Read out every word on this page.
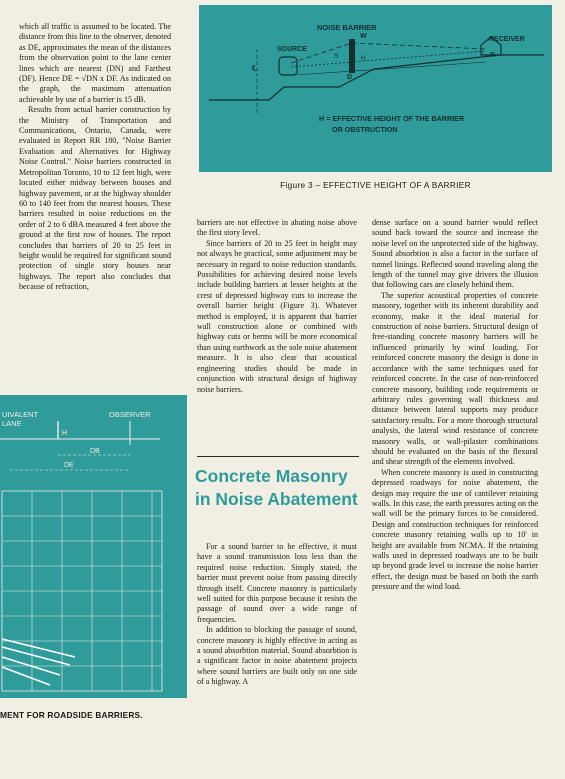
which all traffic is assumed to be located. The distance from this line to the observer, denoted as DE, approximates the mean of the distances from the observation point to the lane center lines which are nearest (DN) and Farthest (DF). Hence DE = √DN x DF. As indicated on the graph, the maximum attenuation achievable by use of a barrier is 15 dB.

Results from actual barrier construction by the Ministry of Transportation and Communications, Ontario, Canada, were evaluated in Report RR 180, "Noise Barrier Evaluation and Alternatives for Highway Noise Control." Noise barriers constructed in Metropolitan Toronto, 10 to 12 feet high, were located either midway between houses and highway pavement, or at the highway shoulder 60 to 140 feet from the nearest houses. These barriers resulted in noise reductions on the order of 2 to 6 dBA measured 4 feet above the ground at the first row of houses. The report concludes that barriers of 20 to 25 feet in height would be required for significant sound protection of single story houses near highways. The report also concludes that because of refraction,

NOISE BARRIER
SOURCE
RECEIVER
℄
W
H	R
S
D
H = EFFECTIVE HEIGHT OF THE BARRIER
OR OBSTRUCTION
Figure 3 – EFFECTIVE HEIGHT OF A BARRIER
UIVALENT
LANE
OBSERVER
H
DB
DE
MENT FOR ROADSIDE BARRIERS.

barriers are not effective in abating noise above the first story level.

Since barriers of 20 to 25 feet in height may not always be practical, some adjustment may be necessary in regard to noise reduction standards. Possibilities for achieving desired noise levels include building barriers at lesser heights at the crest of depressed highway cuts to increase the overall barrier height (Figure 3). Whatever method is employed, it is apparent that barrier wall construction alone or combined with highway cuts or berms will be more economical than using earthwork as the sole noise abatement measure. It is also clear that acoustical engineering studies should be made in conjunction with structural design of highway noise barriers.

Concrete Masonry in Noise Abatement

For a sound barrier to be effective, it must have a sound transmission loss less than the required noise reduction. Simply stated, the barrier must prevent noise from passing directly through itself. Concrete masonry is particularly well suited for this purpose because it resists the passage of sound over a wide range of frequencies.

In addition to blocking the passage of sound, concrete masonry is highly effective in acting as a sound absorbtion material. Sound absorbtion is a significant factor in noise abatement projects where sound barriers are built only on one side of a highway. A

dense surface on a sound barrier would reflect sound back toward the source and increase the noise level on the unprotected side of the highway. Sound absorbtion is also a factor in the surface of tunnel linings. Reflected sound traveling along the length of the tunnel may give drivers the illusion that following cars are closely behind them.

The superior acoustical properties of concrete masonry, together with its inherent durability and economy, make it the ideal material for construction of noise barriers. Structural design of free-standing concrete masonry barriers will be influenced primarily by wind loading. For reinforced concrete masonry the design is done in accordance with the same techniques used for reinforced concrete. In the case of non-reinforced concrete masonry, building code requirements or arbitrary rules governing wall thickness and distance between lateral supports may produce satisfactory results. For a more thorough structural analysis, the lateral wind resistance of concrete masonry walls, or wall-pilaster combinations should be evaluated on the basis of the flexural and shear strength of the elements involved.

When concrete masonry is used in constructing depressed roadways for noise abatement, the design may require the use of cantilever retaining walls. In this case, the earth pressures acting on the wall will be the primary forces to be considered. Design and construction techniques for reinforced concrete masonry retaining walls up to 10' in height are available from NCMA. If the retaining walls used in depressed roadways are to be built up beyond grade level to increase the noise barrier effect, the design must be based on both the earth pressure and the wind load.
